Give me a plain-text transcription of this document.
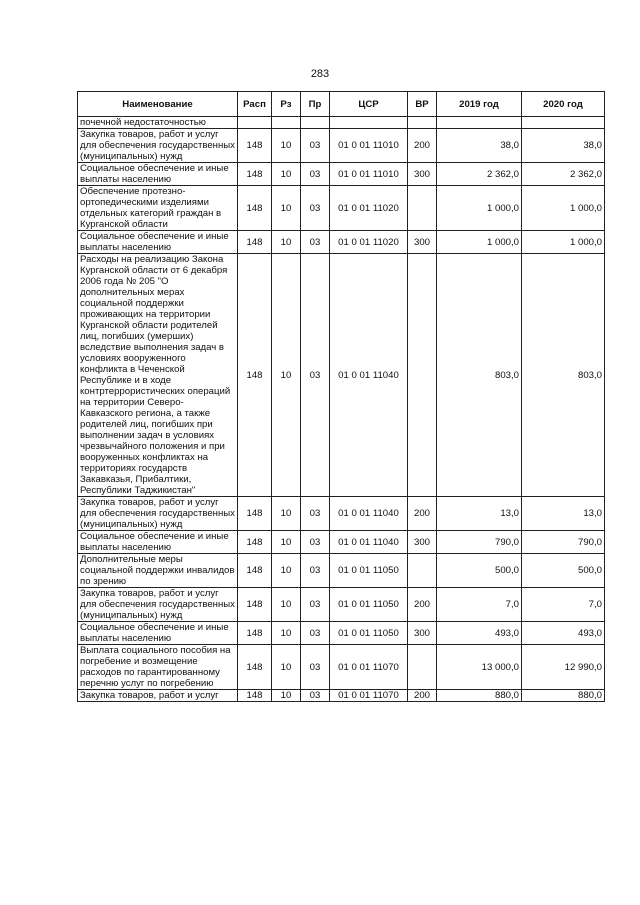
283
Наименование	Расп	Рз	Пр	ЦСР	ВР	2019 год	2020 год
почечной недостаточностью							
Закупка товаров, работ и услуг для обеспечения государственных (муниципальных) нужд	148	10	03	01 0 01 11010	200	38,0	38,0
Социальное обеспечение и иные выплаты населению	148	10	03	01 0 01 11010	300	2 362,0	2 362,0
Обеспечение протезно-ортопедическими изделиями отдельных категорий граждан в Курганской области	148	10	03	01 0 01 11020		1 000,0	1 000,0
Социальное обеспечение и иные выплаты населению	148	10	03	01 0 01 11020	300	1 000,0	1 000,0
Расходы на реализацию Закона Курганской области от 6 декабря 2006 года № 205 "О дополнительных мерах социальной поддержки проживающих на территории Курганской области родителей лиц, погибших (умерших) вследствие выполнения задач в условиях вооруженного конфликта в Чеченской Республике и в ходе контртеррористических операций на территории Северо-Кавказского региона, а также родителей лиц, погибших при выполнении задач в условиях чрезвычайного положения и при вооруженных конфликтах на территориях государств Закавказья, Прибалтики, Республики Таджикистан"	148	10	03	01 0 01 11040		803,0	803,0
Закупка товаров, работ и услуг для обеспечения государственных (муниципальных) нужд	148	10	03	01 0 01 11040	200	13,0	13,0
Социальное обеспечение и иные выплаты населению	148	10	03	01 0 01 11040	300	790,0	790,0
Дополнительные меры социальной поддержки инвалидов по зрению	148	10	03	01 0 01 11050		500,0	500,0
Закупка товаров, работ и услуг для обеспечения государственных (муниципальных) нужд	148	10	03	01 0 01 11050	200	7,0	7,0
Социальное обеспечение и иные выплаты населению	148	10	03	01 0 01 11050	300	493,0	493,0
Выплата социального пособия на погребение и возмещение расходов по гарантированному перечню услуг по погребению	148	10	03	01 0 01 11070		13 000,0	12 990,0
Закупка товаров, работ и услуг	148	10	03	01 0 01 11070	200	880,0	880,0
